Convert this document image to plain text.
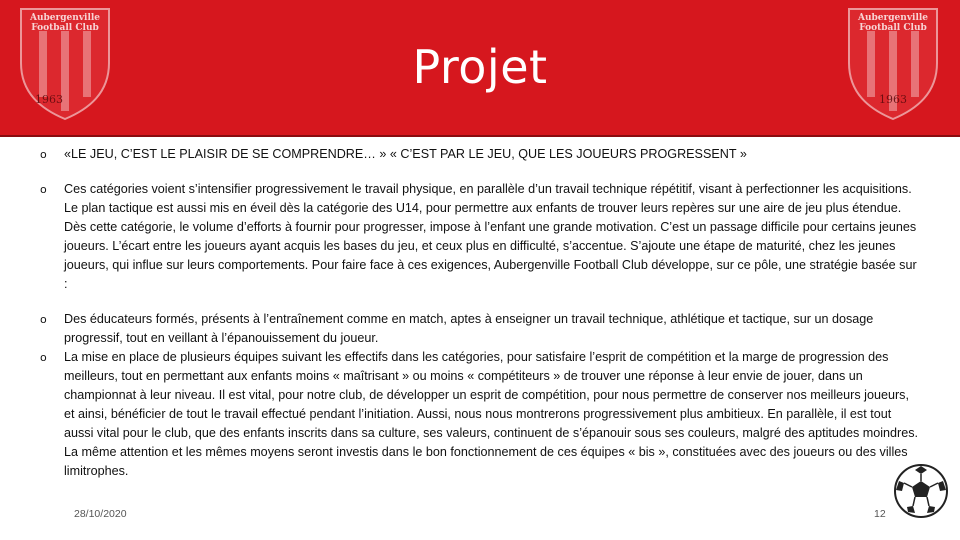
Aubergenville
Football Club
1963
Aubergenville
Football Club
1963
Projet
o «LE JEU, C’EST LE PLAISIR DE SE COMPRENDRE… » « C’EST PAR LE JEU, QUE LES JOUEURS PROGRESSENT »
o Ces catégories voient s’intensifier progressivement le travail physique, en parallèle d’un travail technique répétitif, visant à perfectionner les acquisitions. Le plan tactique est aussi mis en éveil dès la catégorie des U14, pour permettre aux enfants de trouver leurs repères sur une aire de jeu plus étendue. Dès cette catégorie, le volume d’efforts à fournir pour progresser, impose à l’enfant une grande motivation. C’est un passage difficile pour certains jeunes joueurs. L’écart entre les joueurs ayant acquis les bases du jeu, et ceux plus en difficulté, s’accentue. S’ajoute une étape de maturité, chez les jeunes joueurs, qui influe sur leurs comportements. Pour faire face à ces exigences, Aubergenville Football Club développe, sur ce pôle, une stratégie basée sur :
o Des éducateurs formés, présents à l’entraînement comme en match, aptes à enseigner un travail technique, athlétique et tactique, sur un dosage progressif, tout en veillant à l’épanouissement du joueur.
o La mise en place de plusieurs équipes suivant les effectifs dans les catégories, pour satisfaire l’esprit de compétition et la marge de progression des meilleurs, tout en permettant aux enfants moins « maîtrisant » ou moins « compétiteurs » de trouver une réponse à leur envie de jouer, dans un championnat à leur niveau. Il est vital, pour notre club, de développer un esprit de compétition, pour nous permettre de conserver nos meilleurs joueurs, et ainsi, bénéficier de tout le travail effectué pendant l’initiation. Aussi, nous nous montrerons progressivement plus ambitieux. En parallèle, il est tout aussi vital pour le club, que des enfants inscrits dans sa culture, ses valeurs, continuent de s’épanouir sous ses couleurs, malgré des aptitudes moindres. La même attention et les mêmes moyens seront investis dans le bon fonctionnement de ces équipes « bis », constituées avec des joueurs ou des villes limitrophes.
28/10/2020	12
